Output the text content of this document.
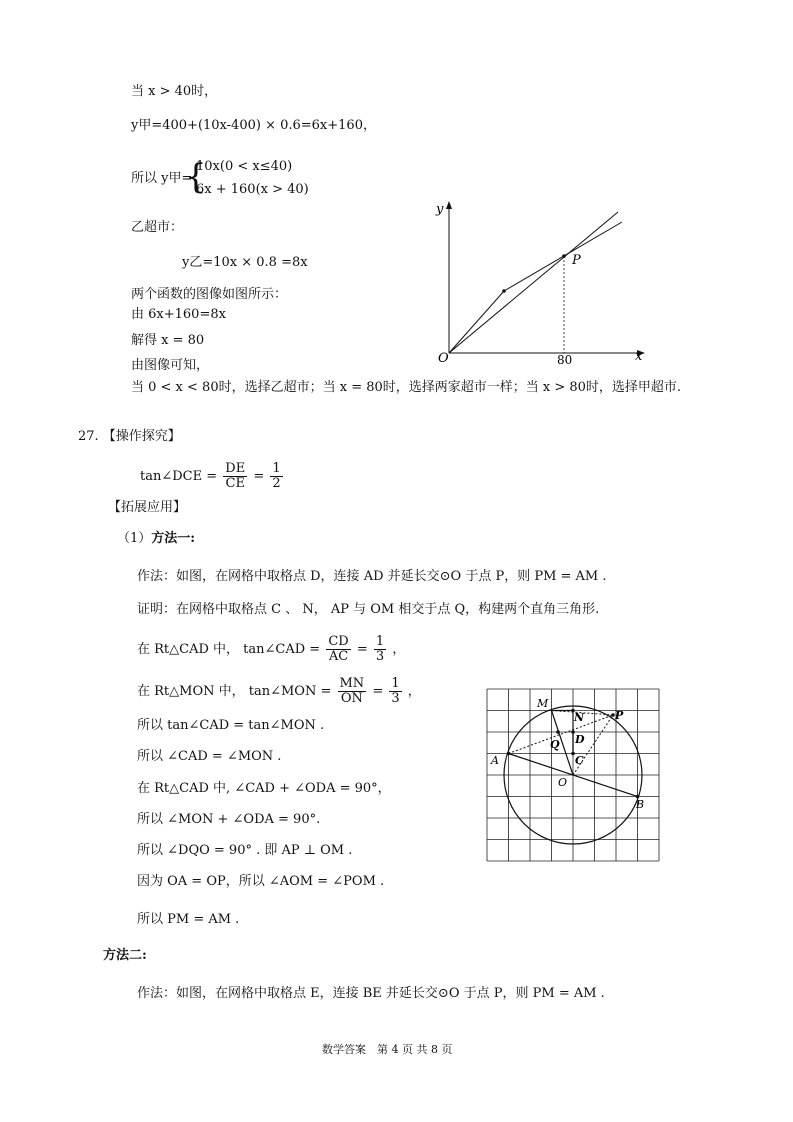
当 x > 40时，
y甲=400+(10x-400) × 0.6=6x+160，
所以 y甲=
{
10x(0 < x≤40)
6x + 160(x > 40)
乙超市：
y乙=10x × 0.8 =8x
两个函数的图像如图所示：
由 6x+160=8x
解得 x = 80
由图像可知，
当 0 < x < 80时，选择乙超市；当 x = 80时，选择两家超市一样；当 x > 80时，选择甲超市.
y
x
O
P
80
27. 【操作探究】
tan∠DCE = $\frac{DE}{CE} = \frac{1}{2}$
【拓展应用】
（1）方法一:
作法：如图，在网格中取格点 D，连接 AD 并延长交⊙O 于点 P，则 PM = AM .
证明：在网格中取格点 C 、 N， AP 与 OM 相交于点 Q，构建两个直角三角形.
在 Rt△CAD 中， tan∠CAD = $\frac{CD}{AC} = \frac{1}{3}$ ，
在 Rt△MON 中， tan∠MON = $\frac{MN}{ON} = \frac{1}{3}$ ，
所以 tan∠CAD = tan∠MON .
所以 ∠CAD = ∠MON .
在 Rt△CAD 中, ∠CAD + ∠ODA = 90°，
所以 ∠MON + ∠ODA = 90°.
所以 ∠DQO = 90° . 即 AP ⊥ OM .
因为 OA = OP，所以 ∠AOM = ∠POM .
所以 PM = AM .
M
N	P
Q D
C
A
O
B
方法二:
作法：如图，在网格中取格点 E，连接 BE 并延长交⊙O 于点 P，则 PM = AM .
数学答案　第 4 页 共 8 页
